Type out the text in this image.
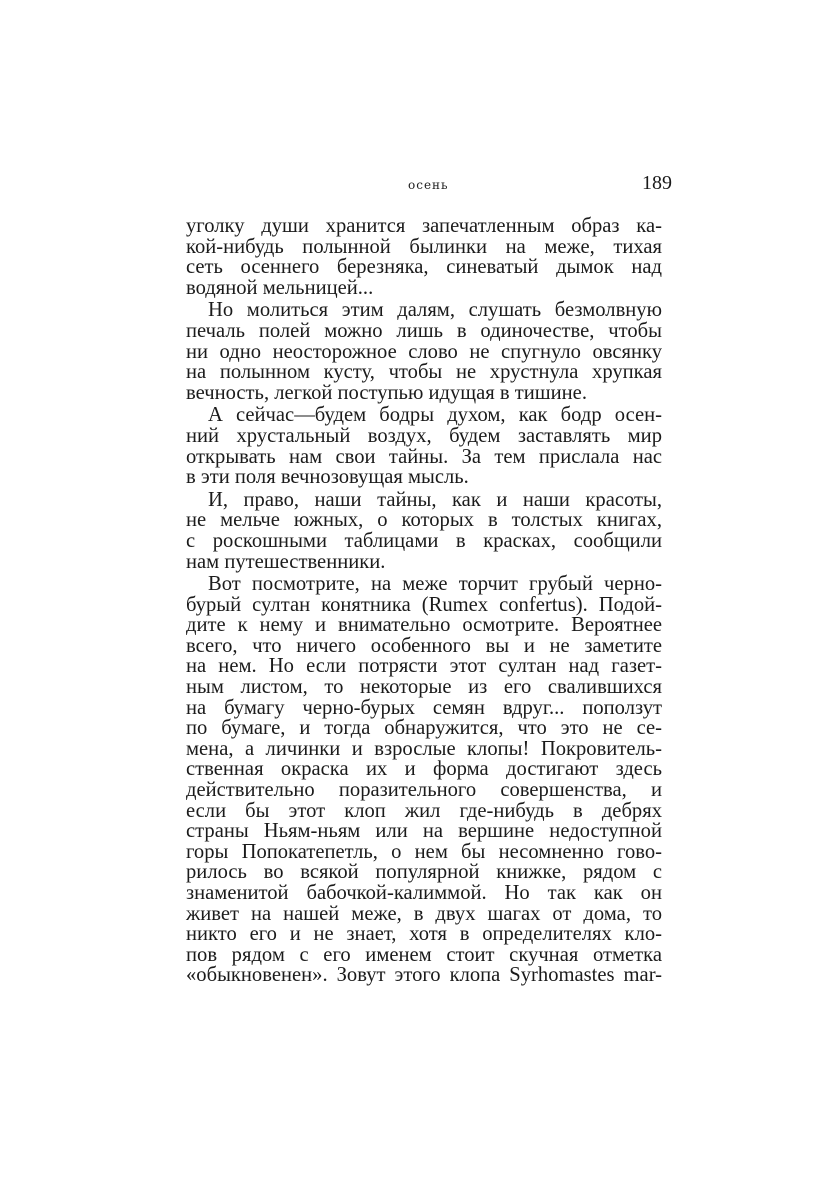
осень	189
уголку души хранится запечатленным образ ка-
кой-нибудь полынной былинки на меже, тихая
сеть осеннего березняка, синеватый дымок над
водяной мельницей...
Но молиться этим далям, слушать безмолвную
печаль полей можно лишь в одиночестве, чтобы
ни одно неосторожное слово не спугнуло овсянку
на полынном кусту, чтобы не хрустнула хрупкая
вечность, легкой поступью идущая в тишине.
А сейчас—будем бодры духом, как бодр осен-
ний хрустальный воздух, будем заставлять мир
открывать нам свои тайны. За тем прислала нас
в эти поля вечнозовущая мысль.
И, право, наши тайны, как и наши красоты,
не мельче южных, о которых в толстых книгах,
с роскошными таблицами в красках, сообщили
нам путешественники.
Вот посмотрите, на меже торчит грубый черно-
бурый султан конятника (Rumex confertus). Подой-
дите к нему и внимательно осмотрите. Вероятнее
всего, что ничего особенного вы и не заметите
на нем. Но если потрясти этот султан над газет-
ным листом, то некоторые из его свалившихся
на бумагу черно-бурых семян вдруг... поползут
по бумаге, и тогда обнаружится, что это не се-
мена, а личинки и взрослые клопы! Покровитель-
ственная окраска их и форма достигают здесь
действительно поразительного совершенства, и
если бы этот клоп жил где-нибудь в дебрях
страны Ньям-ньям или на вершине недоступной
горы Попокатепетль, о нем бы несомненно гово-
рилось во всякой популярной книжке, рядом с
знаменитой бабочкой-калиммой. Но так как он
живет на нашей меже, в двух шагах от дома, то
никто его и не знает, хотя в определителях кло-
пов рядом с его именем стоит скучная отметка
«обыкновенен». Зовут этого клопа Syrhomastes mar-
